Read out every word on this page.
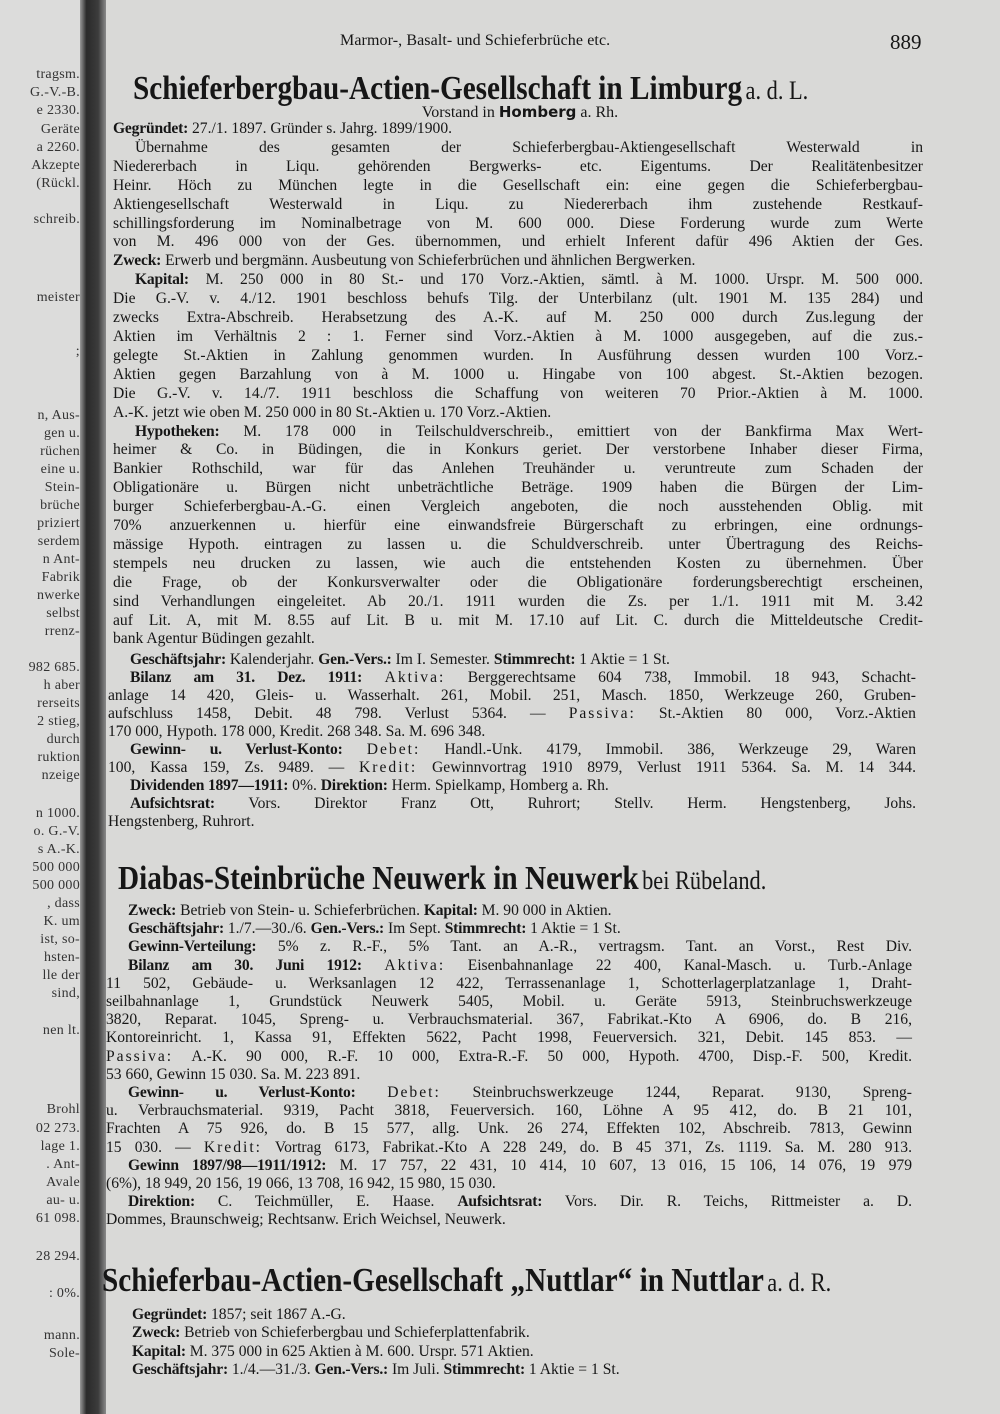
tragsm.
G.-V.-B.
e 2330.
Geräte
a 2260.
Akzepte
(Rückl.
schreib.
meister
;
n, Aus-
gen u.
rüchen
eine u.
Stein-
brüche
priziert
serdem
n Ant-
Fabrik
nwerke
selbst
rrenz-
982 685.
h aber
rerseits
2 stieg,
durch
ruktion
nzeige
n 1000.
o. G.-V.
s A.-K.
500 000
500 000
, dass
K. um
ist, so-
hsten-
lle der
sind,
nen lt.
Brohl
02 273.
lage 1.
. Ant-
Avale
au- u.
61 098.
28 294.
: 0%.
mann.
Sole-
Marmor-, Basalt- und Schieferbrüche etc.	889
Schieferbergbau-Actien-Gesellschaft in Limburg a. d. L.
Vorstand in Homberg a. Rh.
Diabas-Steinbrüche Neuwerk in Neuwerk bei Rübeland.
Schieferbau-Actien-Gesellschaft „Nuttlar“ in Nuttlar a. d. R.
Gegründet: 27./1. 1897. Gründer s. Jahrg. 1899/1900.
Übernahme des gesamten der Schieferbergbau-Aktiengesellschaft Westerwald in
Niedererbach in Liqu. gehörenden Bergwerks- etc. Eigentums. Der Realitätenbesitzer
Heinr. Höch zu München legte in die Gesellschaft ein: eine gegen die Schieferbergbau-
Aktiengesellschaft Westerwald in Liqu. zu Niedererbach ihm zustehende Restkauf-
schillingsforderung im Nominalbetrage von M. 600 000. Diese Forderung wurde zum Werte
von M. 496 000 von der Ges. übernommen, und erhielt Inferent dafür 496 Aktien der Ges.
Zweck: Erwerb und bergmänn. Ausbeutung von Schieferbrüchen und ähnlichen Bergwerken.
Kapital: M. 250 000 in 80 St.- und 170 Vorz.-Aktien, sämtl. à M. 1000. Urspr. M. 500 000.
Die G.-V. v. 4./12. 1901 beschloss behufs Tilg. der Unterbilanz (ult. 1901 M. 135 284) und
zwecks Extra-Abschreib. Herabsetzung des A.-K. auf M. 250 000 durch Zus.legung der
Aktien im Verhältnis 2 : 1. Ferner sind Vorz.-Aktien à M. 1000 ausgegeben, auf die zus.-
gelegte St.-Aktien in Zahlung genommen wurden. In Ausführung dessen wurden 100 Vorz.-
Aktien gegen Barzahlung von à M. 1000 u. Hingabe von 100 abgest. St.-Aktien bezogen.
Die G.-V. v. 14./7. 1911 beschloss die Schaffung von weiteren 70 Prior.-Aktien à M. 1000.
A.-K. jetzt wie oben M. 250 000 in 80 St.-Aktien u. 170 Vorz.-Aktien.
Hypotheken: M. 178 000 in Teilschuldverschreib., emittiert von der Bankfirma Max Wert-
heimer & Co. in Büdingen, die in Konkurs geriet. Der verstorbene Inhaber dieser Firma,
Bankier Rothschild, war für das Anlehen Treuhänder u. veruntreute zum Schaden der
Obligationäre u. Bürgen nicht unbeträchtliche Beträge. 1909 haben die Bürgen der Lim-
burger Schieferbergbau-A.-G. einen Vergleich angeboten, die noch ausstehenden Oblig. mit
70% anzuerkennen u. hierfür eine einwandsfreie Bürgerschaft zu erbringen, eine ordnungs-
mässige Hypoth. eintragen zu lassen u. die Schuldverschreib. unter Übertragung des Reichs-
stempels neu drucken zu lassen, wie auch die entstehenden Kosten zu übernehmen. Über
die Frage, ob der Konkursverwalter oder die Obligationäre forderungsberechtigt erscheinen,
sind Verhandlungen eingeleitet. Ab 20./1. 1911 wurden die Zs. per 1./1. 1911 mit M. 3.42
auf Lit. A, mit M. 8.55 auf Lit. B u. mit M. 17.10 auf Lit. C. durch die Mitteldeutsche Credit-
bank Agentur Büdingen gezahlt.
Geschäftsjahr: Kalenderjahr. Gen.-Vers.: Im I. Semester. Stimmrecht: 1 Aktie = 1 St.
Bilanz am 31. Dez. 1911: Aktiva: Berggerechtsame 604 738, Immobil. 18 943, Schacht-
anlage 14 420, Gleis- u. Wasserhalt. 261, Mobil. 251, Masch. 1850, Werkzeuge 260, Gruben-
aufschluss 1458, Debit. 48 798. Verlust 5364. — Passiva: St.-Aktien 80 000, Vorz.-Aktien
170 000, Hypoth. 178 000, Kredit. 268 348. Sa. M. 696 348.
Gewinn- u. Verlust-Konto: Debet: Handl.-Unk. 4179, Immobil. 386, Werkzeuge 29, Waren
100, Kassa 159, Zs. 9489. — Kredit: Gewinnvortrag 1910 8979, Verlust 1911 5364. Sa. M. 14 344.
Dividenden 1897—1911: 0%. Direktion: Herm. Spielkamp, Homberg a. Rh.
Aufsichtsrat: Vors. Direktor Franz Ott, Ruhrort; Stellv. Herm. Hengstenberg, Johs.
Hengstenberg, Ruhrort.
Zweck: Betrieb von Stein- u. Schieferbrüchen. Kapital: M. 90 000 in Aktien.
Geschäftsjahr: 1./7.—30./6. Gen.-Vers.: Im Sept. Stimmrecht: 1 Aktie = 1 St.
Gewinn-Verteilung: 5% z. R.-F., 5% Tant. an A.-R., vertragsm. Tant. an Vorst., Rest Div.
Bilanz am 30. Juni 1912: Aktiva: Eisenbahnanlage 22 400, Kanal-Masch. u. Turb.-Anlage
11 502, Gebäude- u. Werksanlagen 12 422, Terrassenanlage 1, Schotterlagerplatzanlage 1, Draht-
seilbahnanlage 1, Grundstück Neuwerk 5405, Mobil. u. Geräte 5913, Steinbruchswerkzeuge
3820, Reparat. 1045, Spreng- u. Verbrauchsmaterial. 367, Fabrikat.-Kto A 6906, do. B 216,
Kontoreinricht. 1, Kassa 91, Effekten 5622, Pacht 1998, Feuerversich. 321, Debit. 145 853. —
Passiva: A.-K. 90 000, R.-F. 10 000, Extra-R.-F. 50 000, Hypoth. 4700, Disp.-F. 500, Kredit.
53 660, Gewinn 15 030. Sa. M. 223 891.
Gewinn- u. Verlust-Konto: Debet: Steinbruchswerkzeuge 1244, Reparat. 9130, Spreng-
u. Verbrauchsmaterial. 9319, Pacht 3818, Feuerversich. 160, Löhne A 95 412, do. B 21 101,
Frachten A 75 926, do. B 15 577, allg. Unk. 26 274, Effekten 102, Abschreib. 7813, Gewinn
15 030. — Kredit: Vortrag 6173, Fabrikat.-Kto A 228 249, do. B 45 371, Zs. 1119. Sa. M. 280 913.
Gewinn 1897/98—1911/1912: M. 17 757, 22 431, 10 414, 10 607, 13 016, 15 106, 14 076, 19 979
(6%), 18 949, 20 156, 19 066, 13 708, 16 942, 15 980, 15 030.
Direktion: C. Teichmüller, E. Haase. Aufsichtsrat: Vors. Dir. R. Teichs, Rittmeister a. D.
Dommes, Braunschweig; Rechtsanw. Erich Weichsel, Neuwerk.
Gegründet: 1857; seit 1867 A.-G.
Zweck: Betrieb von Schieferbergbau und Schieferplattenfabrik.
Kapital: M. 375 000 in 625 Aktien à M. 600. Urspr. 571 Aktien.
Geschäftsjahr: 1./4.—31./3. Gen.-Vers.: Im Juli. Stimmrecht: 1 Aktie = 1 St.
